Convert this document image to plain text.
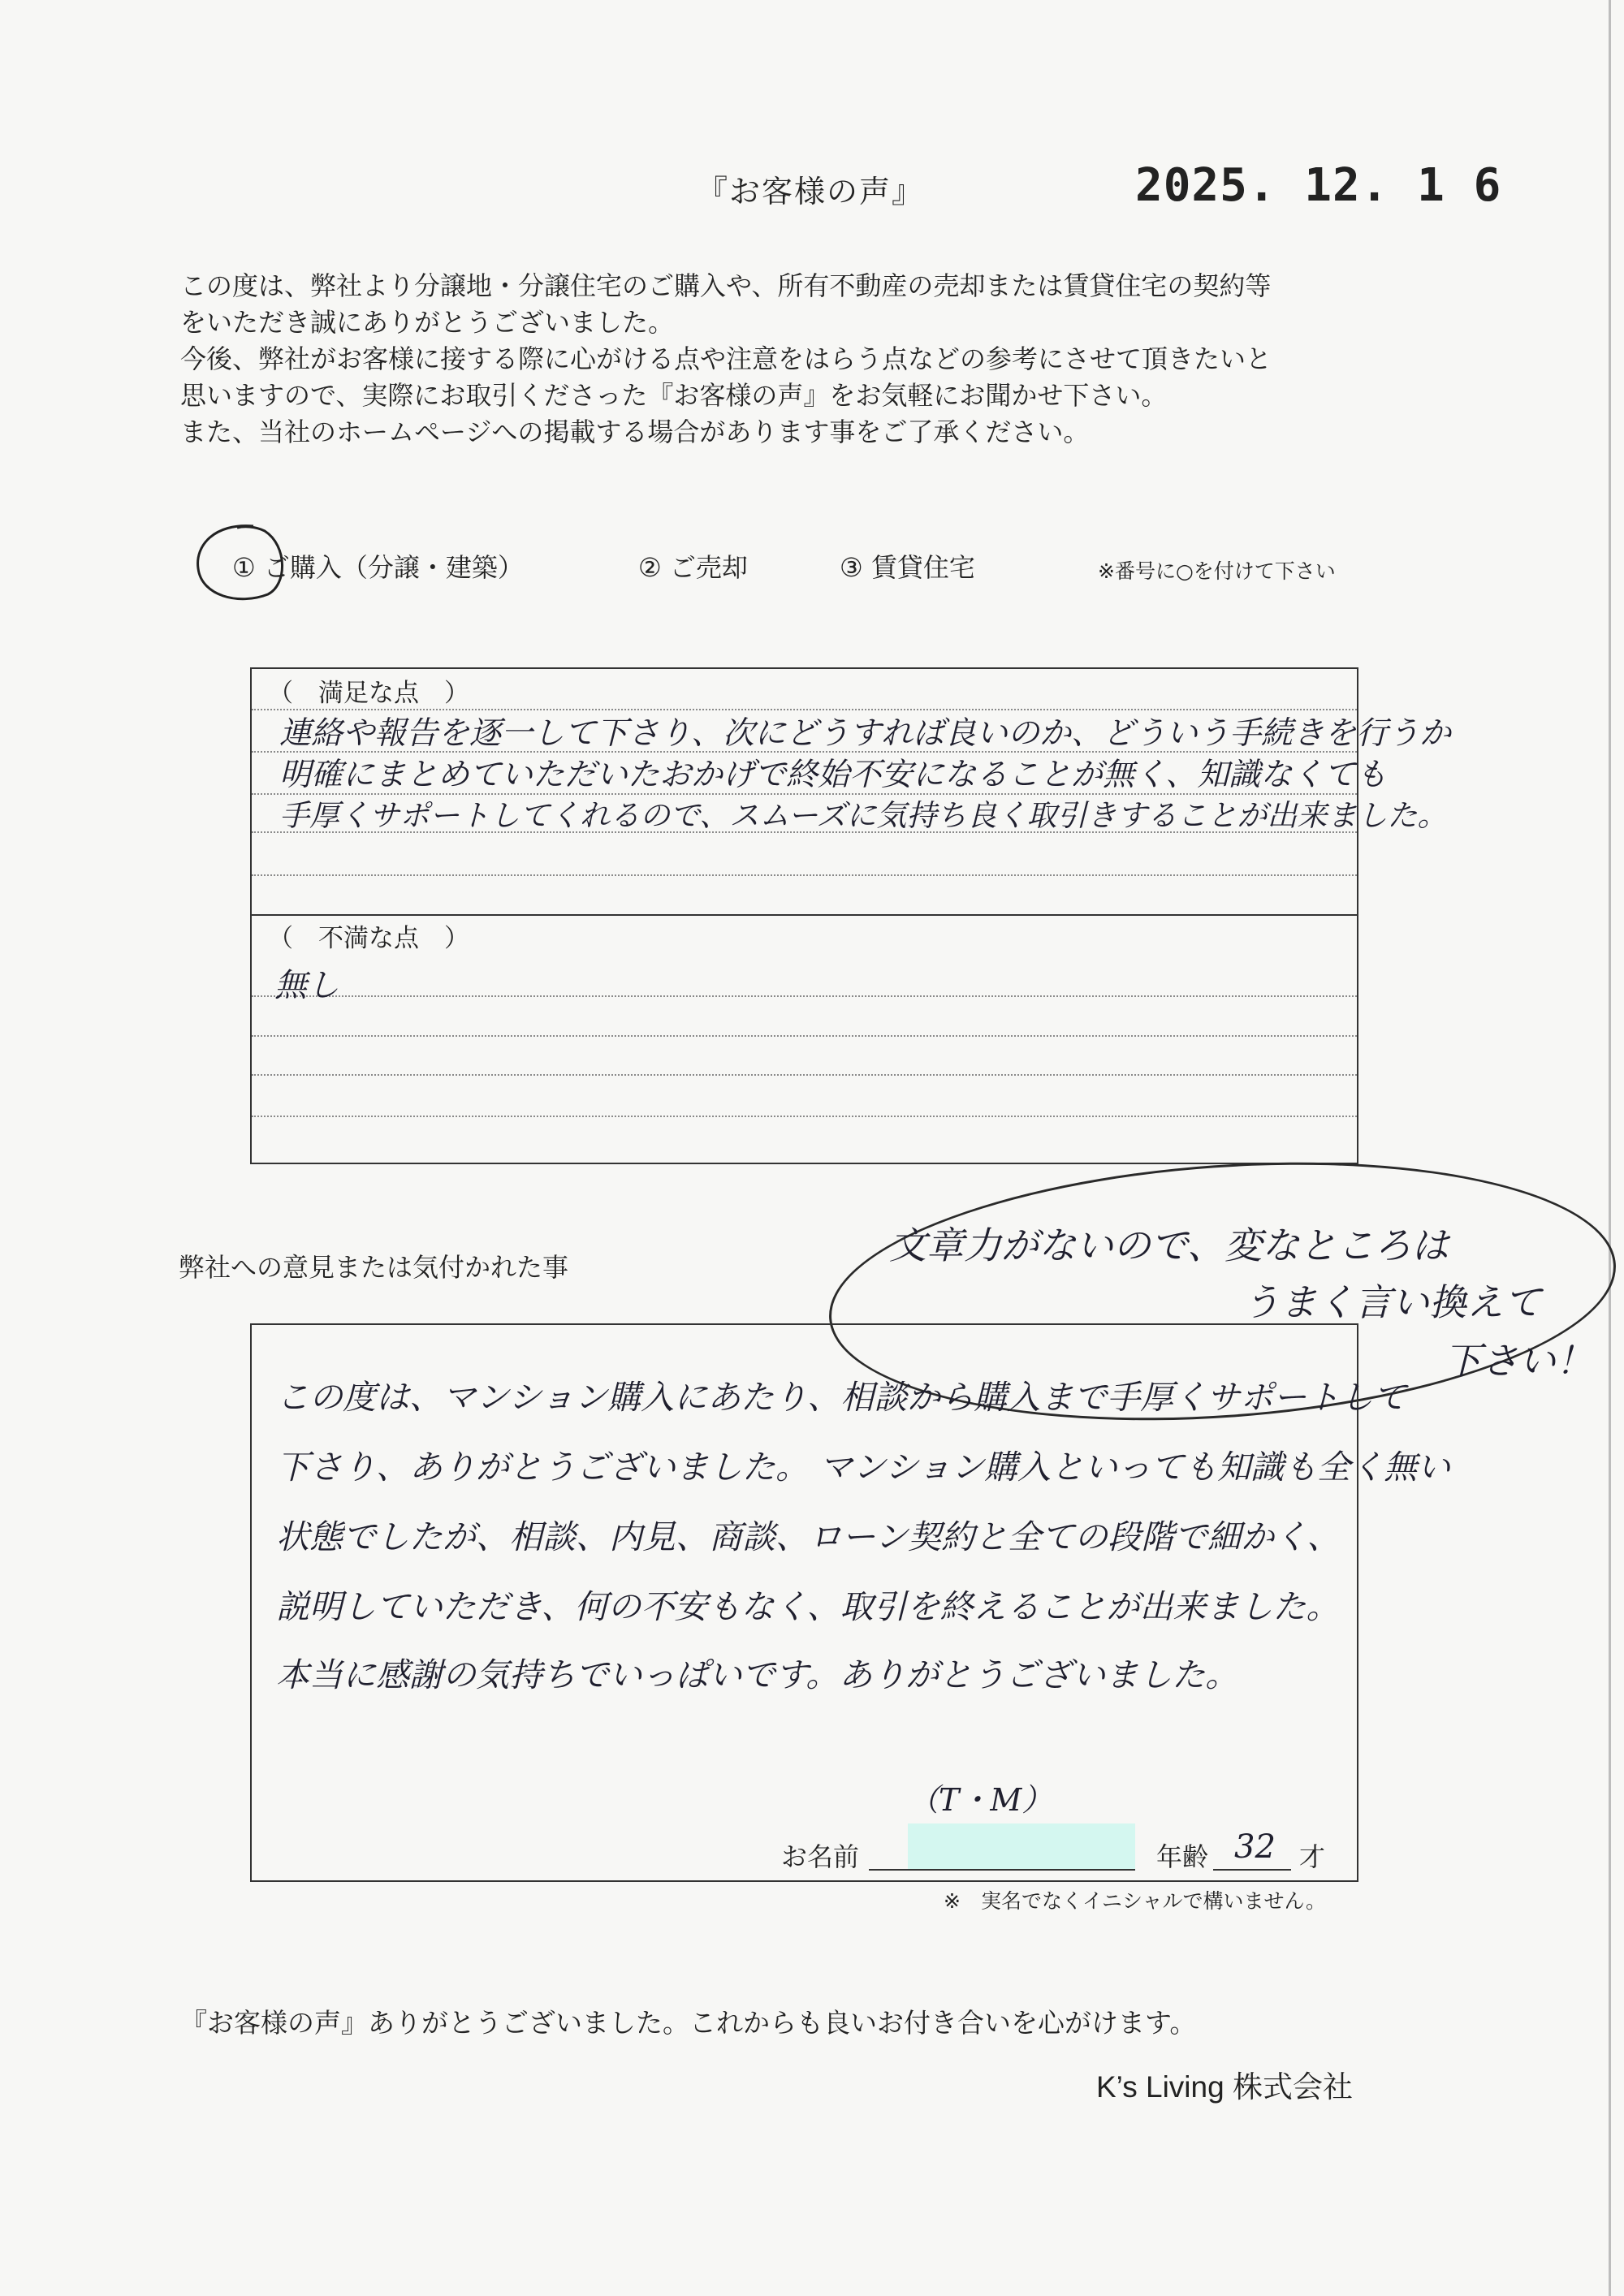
『お客様の声』	2025. 12. 1 6
この度は、弊社より分譲地・分譲住宅のご購入や、所有不動産の売却または賃貸住宅の契約等
をいただき誠にありがとうございました。
今後、弊社がお客様に接する際に心がける点や注意をはらう点などの参考にさせて頂きたいと
思いますので、実際にお取引くださった『お客様の声』をお気軽にお聞かせ下さい。
また、当社のホームページへの掲載する場合があります事をご了承ください。
① ご購入（分譲・建築）	② ご売却	③ 賃貸住宅	※番号に○を付けて下さい
（　満足な点　）
（　不満な点　）
連絡や報告を逐一して下さり、次にどうすれば良いのか、どういう手続きを行うか
明確にまとめていただいたおかげで終始不安になることが無く、知識なくても
手厚くサポートしてくれるので、スムーズに気持ち良く取引きすることが出来ました。
無し
弊社への意見または気付かれた事	文章力がないので、変なところは
うまく言い換えて
下さい！
この度は、マンション購入にあたり、相談から購入まで手厚くサポートして
下さり、ありがとうございました。 マンション購入といっても知識も全く無い
状態でしたが、相談、内見、商談、ローン契約と全ての段階で細かく、
説明していただき、何の不安もなく、取引を終えることが出来ました。
本当に感謝の気持ちでいっぱいです。ありがとうございました。
（T・M）
お名前	年齢 32 才
※　実名でなくイニシャルで構いません。
『お客様の声』ありがとうございました。これからも良いお付き合いを心がけます。
K’s Living 株式会社
